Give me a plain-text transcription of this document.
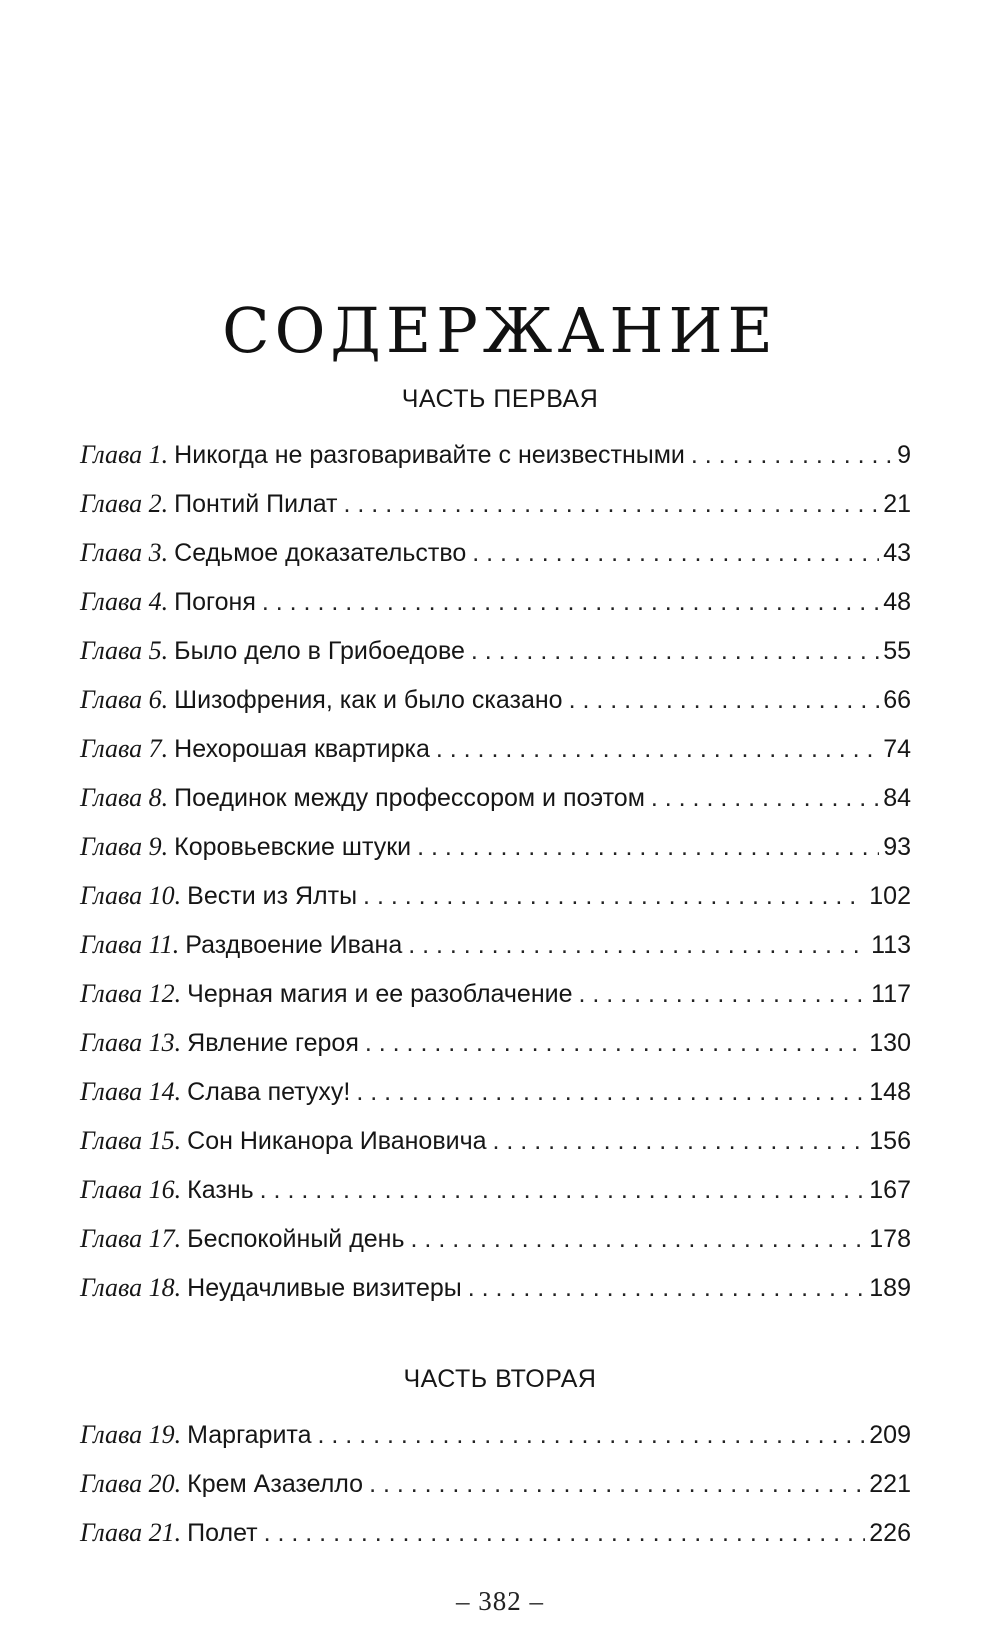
СОДЕРЖАНИЕ
ЧАСТЬ ПЕРВАЯ
Глава 1. Никогда не разговаривайте с неизвестными . . .	9
Глава 2. Понтий Пилат . . .	21
Глава 3. Седьмое доказательство . . .	43
Глава 4. Погоня . . .	48
Глава 5. Было дело в Грибоедове . . .	55
Глава 6. Шизофрения, как и было сказано . . .	66
Глава 7. Нехорошая квартирка . . .	74
Глава 8. Поединок между профессором и поэтом . . .	84
Глава 9. Коровьевские штуки . . .	93
Глава 10. Вести из Ялты . . .	102
Глава 11. Раздвоение Ивана . . .	113
Глава 12. Черная магия и ее разоблачение . . .	117
Глава 13. Явление героя . . .	130
Глава 14. Слава петуху! . . .	148
Глава 15. Сон Никанора Ивановича . . .	156
Глава 16. Казнь . . .	167
Глава 17. Беспокойный день . . .	178
Глава 18. Неудачливые визитеры . . .	189
ЧАСТЬ ВТОРАЯ
Глава 19. Маргарита . . .	209
Глава 20. Крем Азазелло . . .	221
Глава 21. Полет . . .	226
– 382 –
